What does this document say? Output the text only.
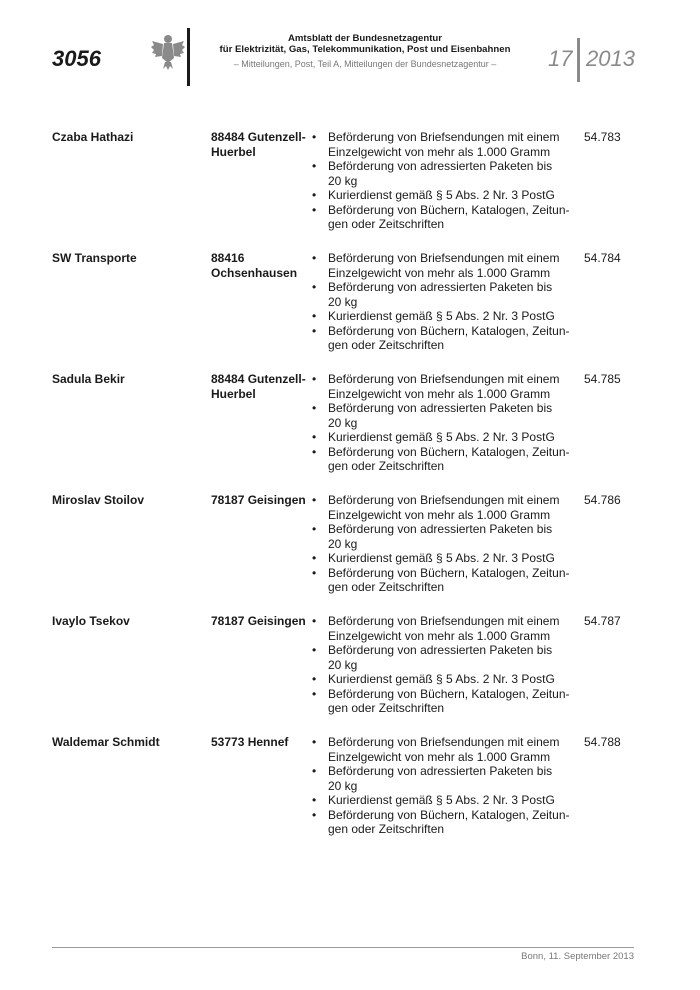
3056
Amtsblatt der Bundesnetzagentur
für Elektrizität, Gas, Telekommunikation, Post und Eisenbahnen
– Mitteilungen, Post, Teil A, Mitteilungen der Bundesnetzagentur –	17 2013
Czaba Hathazi	88484 Gutenzell-
Huerbel
• Beförderung von Briefsendungen mit einem
Einzelgewicht von mehr als 1.000 Gramm
• Beförderung von adressierten Paketen bis
20 kg
• Kurierdienst gemäß § 5 Abs. 2 Nr. 3 PostG
• Beförderung von Büchern, Katalogen, Zeitun-
gen oder Zeitschriften
54.783
SW Transporte	88416
Ochsenhausen
• Beförderung von Briefsendungen mit einem
Einzelgewicht von mehr als 1.000 Gramm
• Beförderung von adressierten Paketen bis
20 kg
• Kurierdienst gemäß § 5 Abs. 2 Nr. 3 PostG
• Beförderung von Büchern, Katalogen, Zeitun-
gen oder Zeitschriften
54.784
Sadula Bekir	88484 Gutenzell-
Huerbel
• Beförderung von Briefsendungen mit einem
Einzelgewicht von mehr als 1.000 Gramm
• Beförderung von adressierten Paketen bis
20 kg
• Kurierdienst gemäß § 5 Abs. 2 Nr. 3 PostG
• Beförderung von Büchern, Katalogen, Zeitun-
gen oder Zeitschriften
54.785
Miroslav Stoilov	78187 Geisingen • Beförderung von Briefsendungen mit einem
Einzelgewicht von mehr als 1.000 Gramm
• Beförderung von adressierten Paketen bis
20 kg
• Kurierdienst gemäß § 5 Abs. 2 Nr. 3 PostG
• Beförderung von Büchern, Katalogen, Zeitun-
gen oder Zeitschriften
54.786
Ivaylo Tsekov	78187 Geisingen • Beförderung von Briefsendungen mit einem
Einzelgewicht von mehr als 1.000 Gramm
• Beförderung von adressierten Paketen bis
20 kg
• Kurierdienst gemäß § 5 Abs. 2 Nr. 3 PostG
• Beförderung von Büchern, Katalogen, Zeitun-
gen oder Zeitschriften
54.787
Waldemar Schmidt	53773 Hennef	• Beförderung von Briefsendungen mit einem
Einzelgewicht von mehr als 1.000 Gramm
• Beförderung von adressierten Paketen bis
20 kg
• Kurierdienst gemäß § 5 Abs. 2 Nr. 3 PostG
• Beförderung von Büchern, Katalogen, Zeitun-
gen oder Zeitschriften
54.788
Bonn, 11. September 2013
